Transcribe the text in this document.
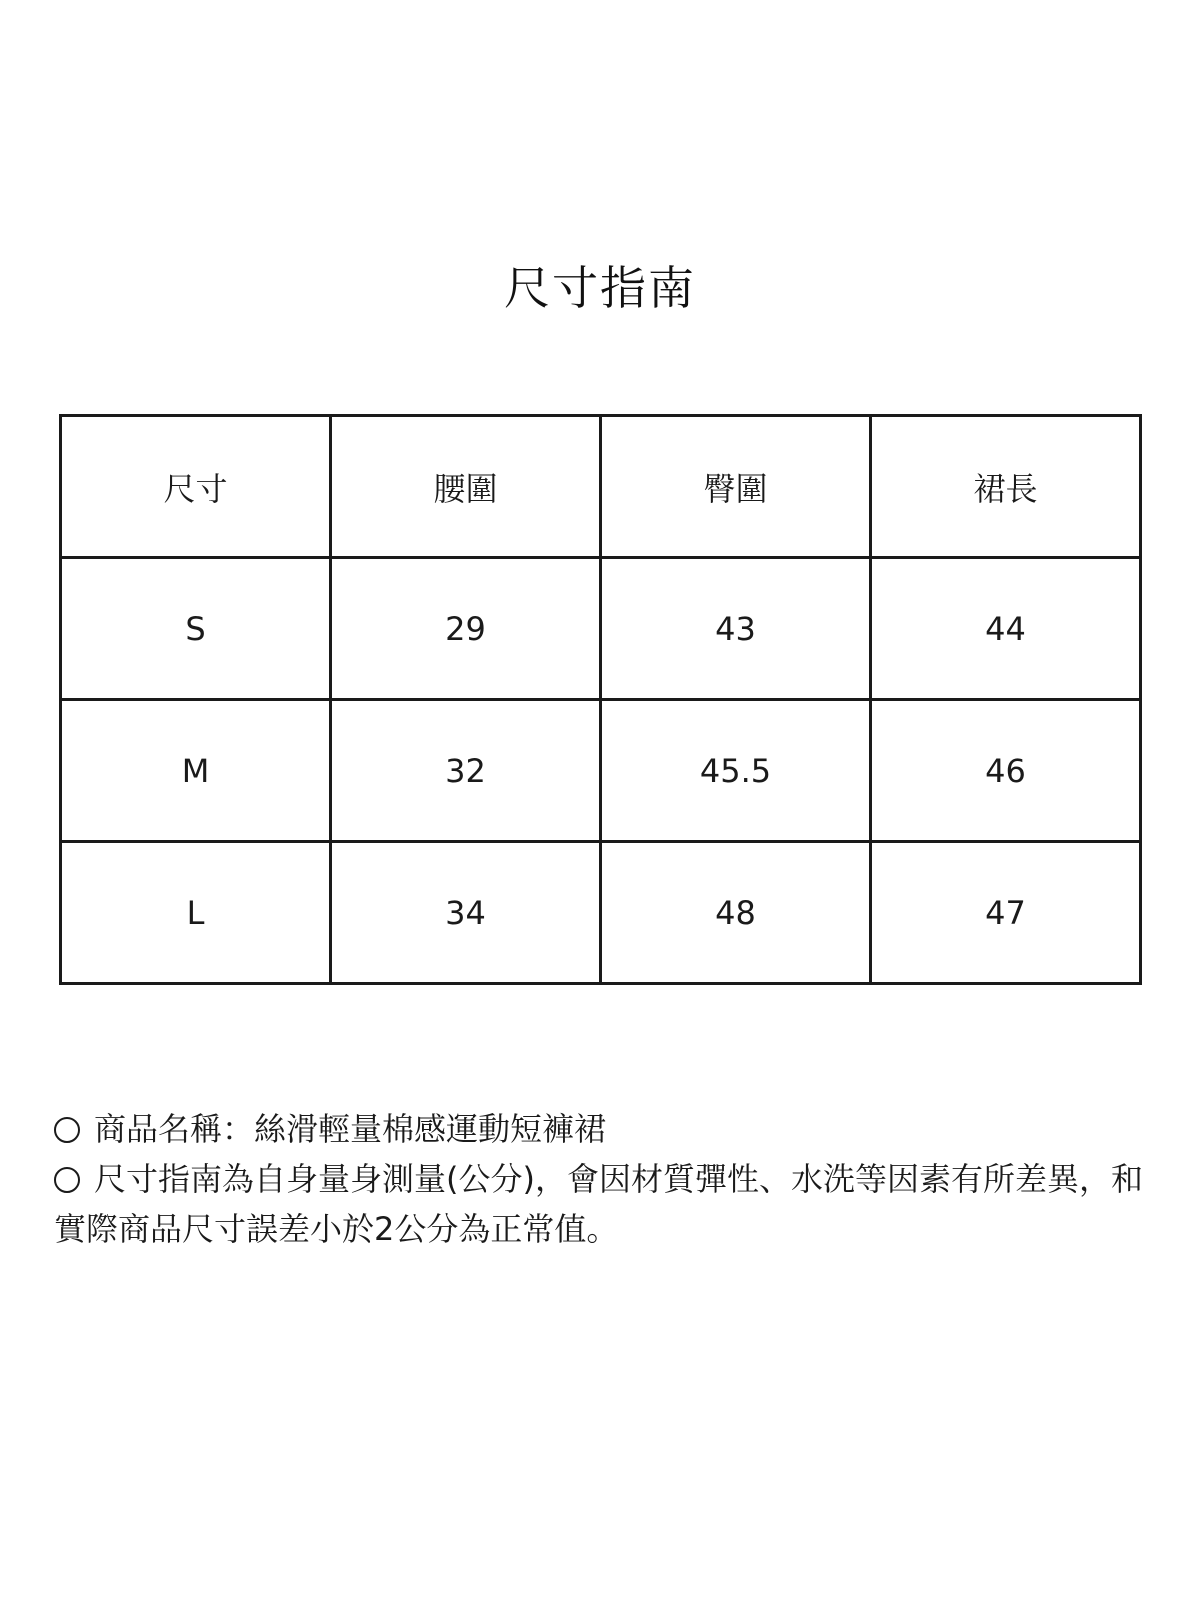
尺寸指南
尺寸	腰圍	臀圍	裙長
S	29	43	44
M	32	45.5	46
L	34	48	47

商品名稱：絲滑輕量棉感運動短褲裙

尺寸指南為自身量身測量(公分)，會因材質彈性、水洗等因素有所差異，和實際商品尺寸誤差小於2公分為正常值。
